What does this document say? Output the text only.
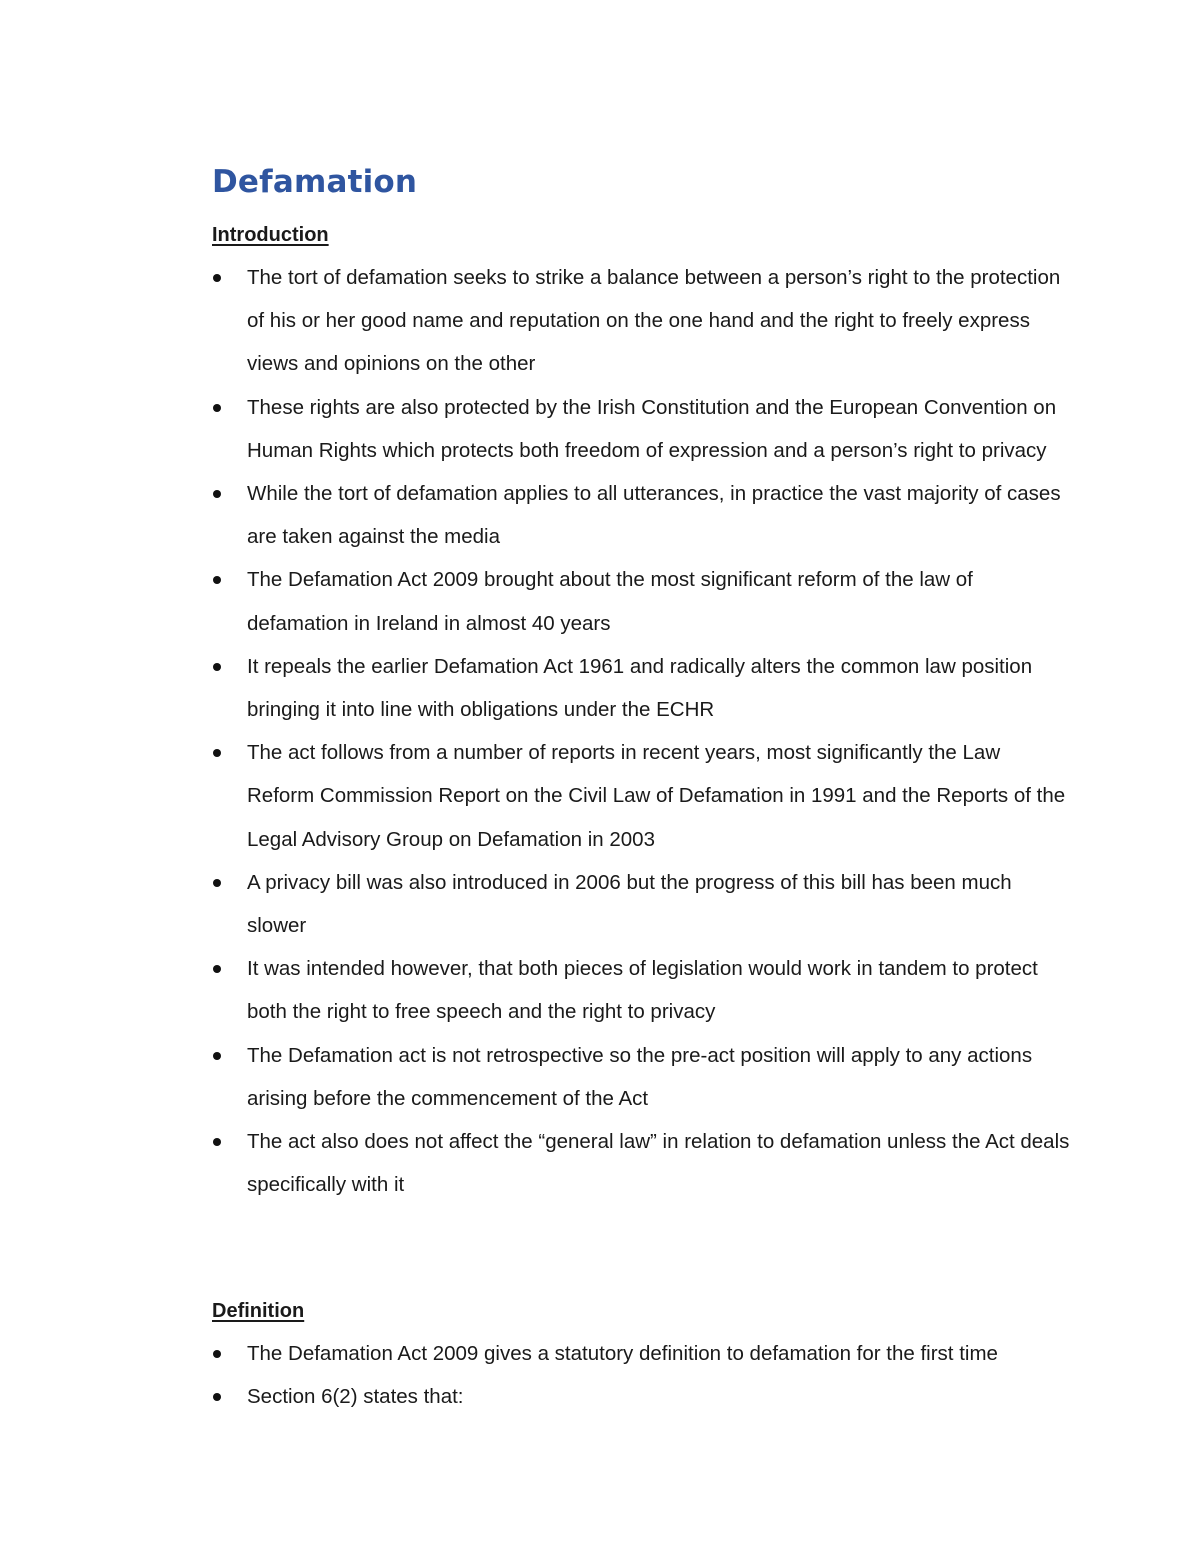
Defamation
Introduction
The tort of defamation seeks to strike a balance between a person’s right to the protection of his or her good name and reputation on the one hand and the right to freely express views and opinions on the other
These rights are also protected by the Irish Constitution and the European Convention on Human Rights which protects both freedom of expression and a person’s right to privacy
While the tort of defamation applies to all utterances, in practice the vast majority of cases are taken against the media
The Defamation Act 2009 brought about the most significant reform of the law of defamation in Ireland in almost 40 years
It repeals the earlier Defamation Act 1961 and radically alters the common law position bringing it into line with obligations under the ECHR
The act follows from a number of reports in recent years, most significantly the Law Reform Commission Report on the Civil Law of Defamation in 1991 and the Reports of the Legal Advisory Group on Defamation in 2003
A privacy bill was also introduced in 2006 but the progress of this bill has been much slower
It was intended however, that both pieces of legislation would work in tandem to protect both the right to free speech and the right to privacy
The Defamation act is not retrospective so the pre-act position will apply to any actions arising before the commencement of the Act
The act also does not affect the “general law” in relation to defamation unless the Act deals specifically with it
Definition
The Defamation Act 2009 gives a statutory definition to defamation for the first time
Section 6(2) states that:
